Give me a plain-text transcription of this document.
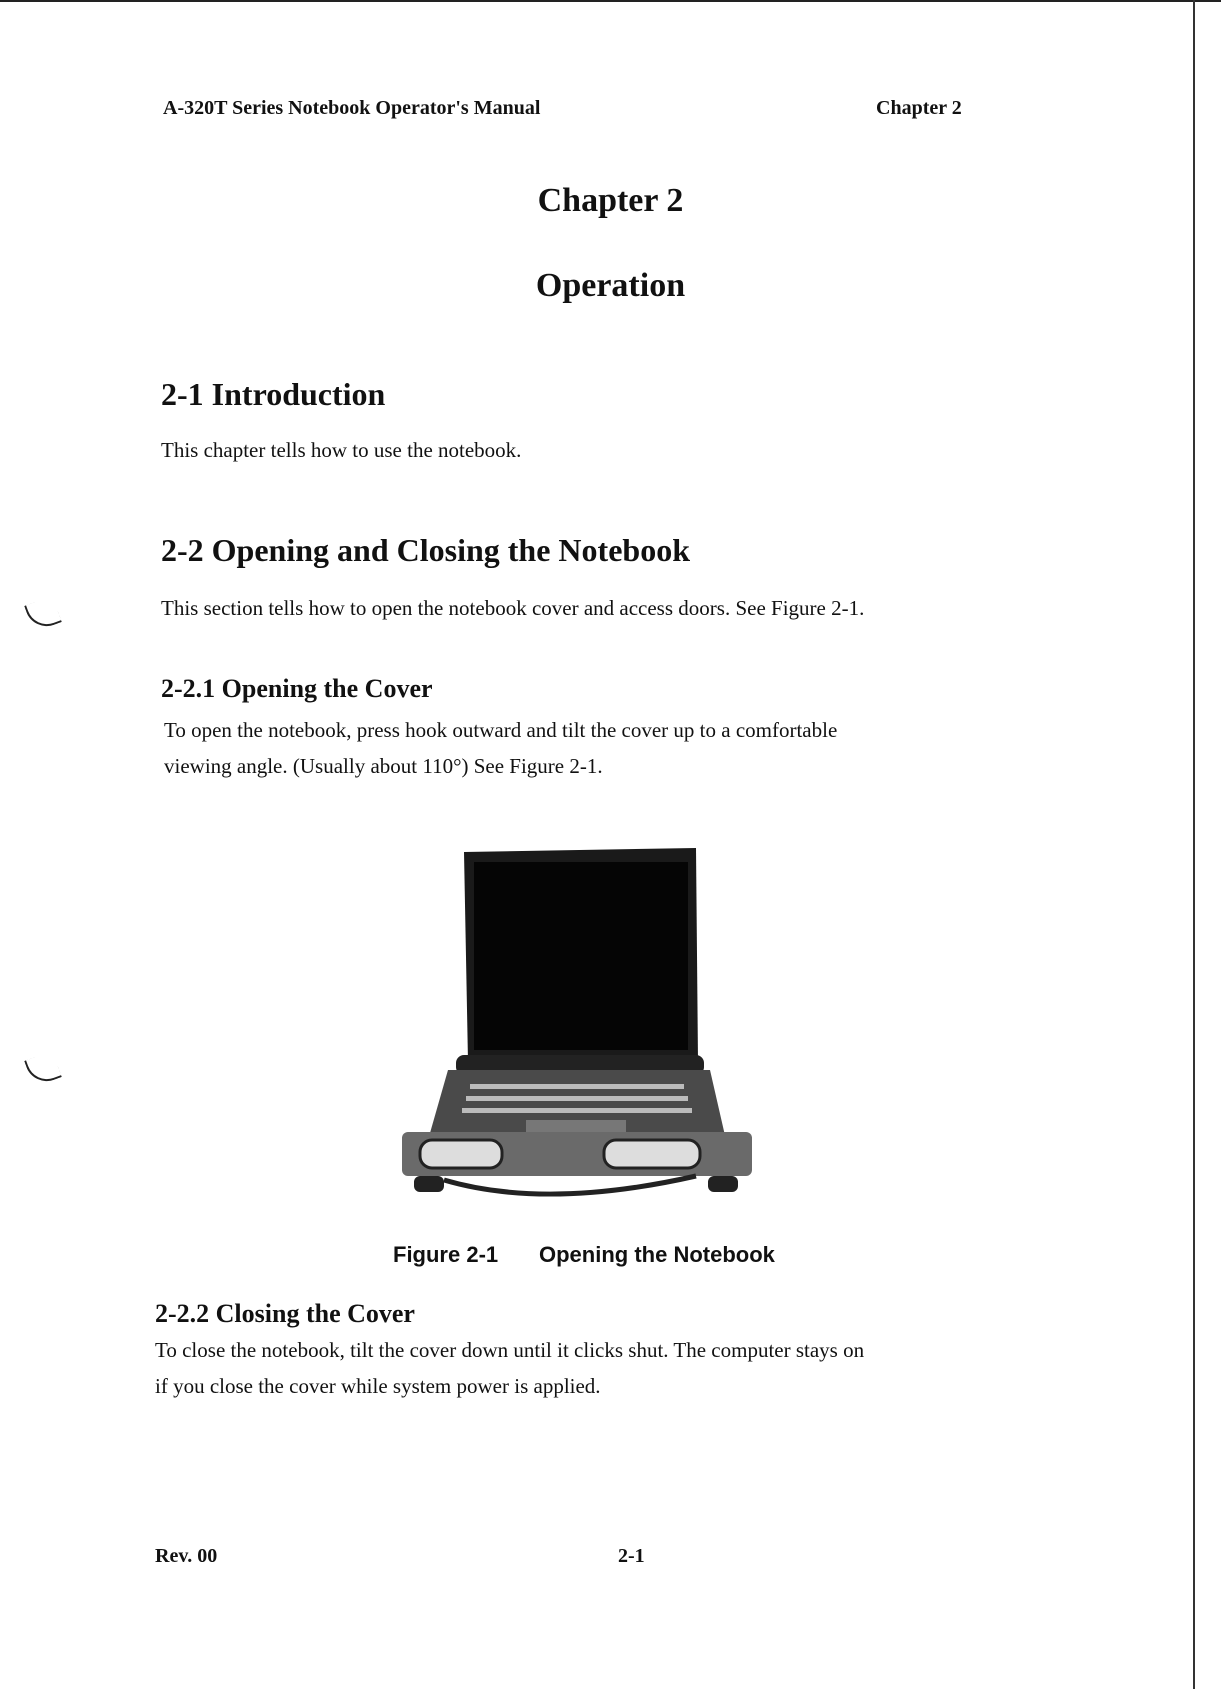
A-320T Series Notebook Operator's Manual	Chapter 2
Chapter 2
Operation
2-1 Introduction
This chapter tells how to use the notebook.
2-2 Opening and Closing the Notebook
This section tells how to open the notebook cover and access doors. See Figure 2-1.
2-2.1 Opening the Cover
To open the notebook, press hook outward and tilt the cover up to a comfortable
viewing angle. (Usually about 110°) See Figure 2-1.
Figure 2-1 Opening the Notebook
2-2.2 Closing the Cover
To close the notebook, tilt the cover down until it clicks shut. The computer stays on
if you close the cover while system power is applied.
Rev. 00	2-1
